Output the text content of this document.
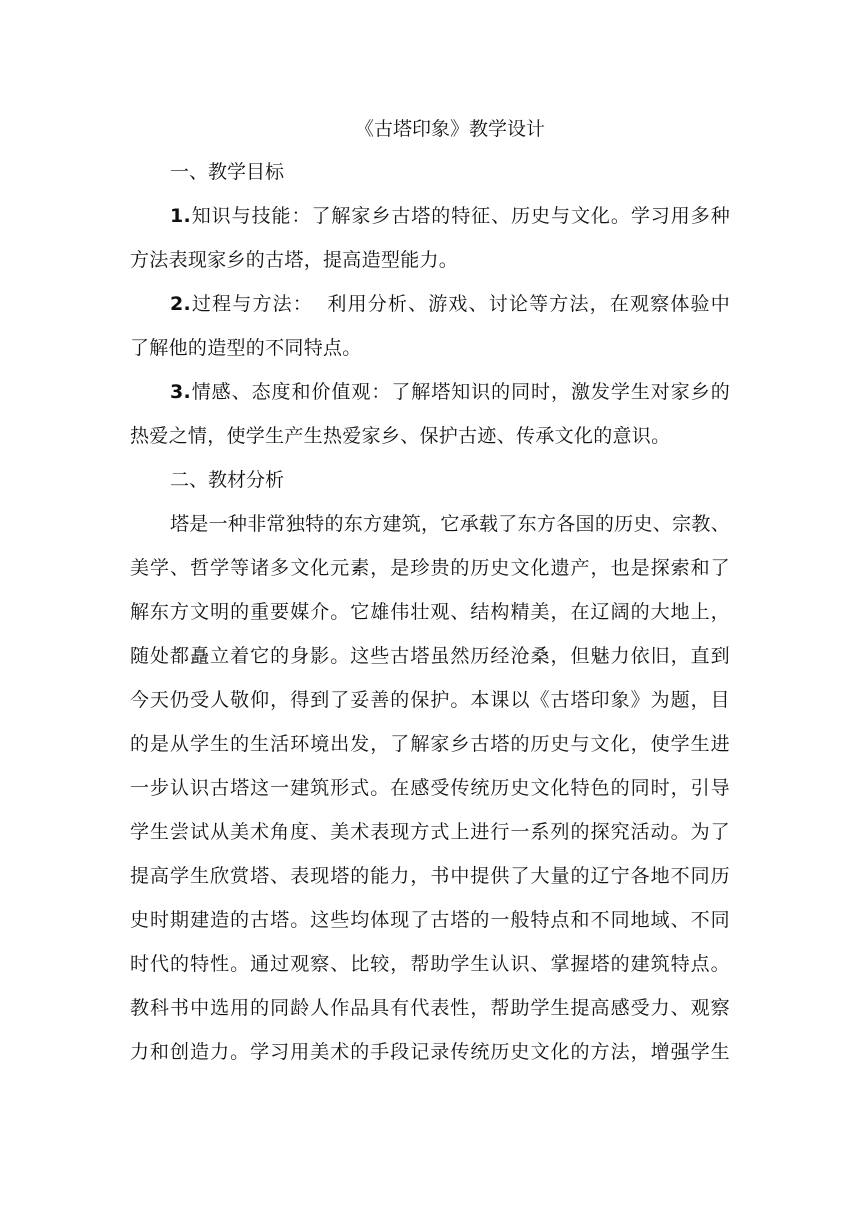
《古塔印象》教学设计
一、教学目标
1.知识与技能：了解家乡古塔的特征、历史与文化。学习用多种
方法表现家乡的古塔，提高造型能力。
2.过程与方法：  利用分析、游戏、讨论等方法，在观察体验中
了解他的造型的不同特点。
3.情感、态度和价值观：了解塔知识的同时，激发学生对家乡的
热爱之情，使学生产生热爱家乡、保护古迹、传承文化的意识。
二、教材分析
塔是一种非常独特的东方建筑，它承载了东方各国的历史、宗教、
美学、哲学等诸多文化元素，是珍贵的历史文化遗产，也是探索和了
解东方文明的重要媒介。它雄伟壮观、结构精美，在辽阔的大地上，
随处都矗立着它的身影。这些古塔虽然历经沧桑，但魅力依旧，直到
今天仍受人敬仰，得到了妥善的保护。本课以《古塔印象》为题，目
的是从学生的生活环境出发，了解家乡古塔的历史与文化，使学生进
一步认识古塔这一建筑形式。在感受传统历史文化特色的同时，引导
学生尝试从美术角度、美术表现方式上进行一系列的探究活动。为了
提高学生欣赏塔、表现塔的能力，书中提供了大量的辽宁各地不同历
史时期建造的古塔。这些均体现了古塔的一般特点和不同地域、不同
时代的特性。通过观察、比较，帮助学生认识、掌握塔的建筑特点。
教科书中选用的同龄人作品具有代表性，帮助学生提高感受力、观察
力和创造力。学习用美术的手段记录传统历史文化的方法，增强学生
